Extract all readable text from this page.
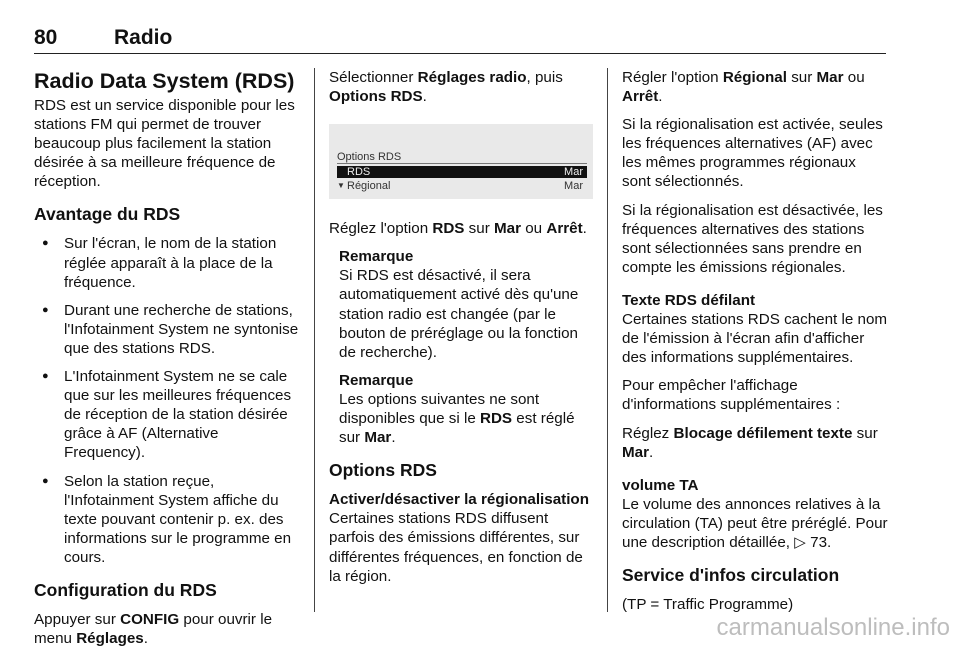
80	Radio
Radio Data System (RDS)

RDS est un service disponible pour les stations FM qui permet de trouver beaucoup plus facilement la station désirée à sa meilleure fréquence de réception.

Avantage du RDS
● Sur l'écran, le nom de la station réglée apparaît à la place de la fréquence.
● Durant une recherche de stations, l'Infotainment System ne syntonise que des stations RDS.
● L'Infotainment System ne se cale que sur les meilleures fréquences de réception de la station désirée grâce à AF (Alternative Frequency).
● Selon la station reçue, l'Infotainment System affiche du texte pouvant contenir p. ex. des informations sur le programme en cours.
Configuration du RDS

Appuyer sur CONFIG pour ouvrir le menu Réglages.

Sélectionner Réglages radio, puis Options RDS.

Options RDS
RDS	Mar
▼ Régional	Mar

Réglez l'option RDS sur Mar ou Arrêt.

Remarque
Si RDS est désactivé, il sera automatiquement activé dès qu'une station radio est changée (par le bouton de préréglage ou la fonction de recherche).
Remarque
Les options suivantes ne sont disponibles que si le RDS est réglé sur Mar.
Options RDS
Activer/désactiver la régionalisation

Certaines stations RDS diffusent parfois des émissions différentes, sur différentes fréquences, en fonction de la région.

Régler l'option Régional sur Mar ou Arrêt.

Si la régionalisation est activée, seules les fréquences alternatives (AF) avec les mêmes programmes régionaux sont sélectionnés.

Si la régionalisation est désactivée, les fréquences alternatives des stations sont sélectionnées sans prendre en compte les émissions régionales.

Texte RDS défilant

Certaines stations RDS cachent le nom de l'émission à l'écran afin d'afficher des informations supplémentaires.

Pour empêcher l'affichage d'informations supplémentaires :

Réglez Blocage défilement texte sur Mar.

volume TA

Le volume des annonces relatives à la circulation (TA) peut être préréglé. Pour une description détaillée, ▷ 73.

Service d'infos circulation

(TP = Traffic Programme)

carmanualsonline.info
